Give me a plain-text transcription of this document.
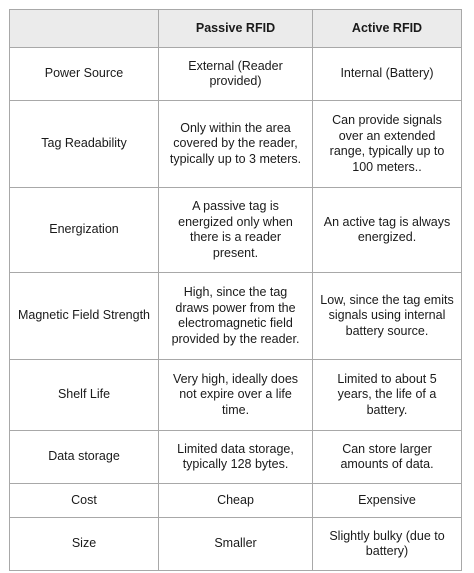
	Passive RFID	Active RFID
Power Source	External (Reader provided)	Internal (Battery)
Tag Readability	Only within the area covered by the reader, typically up to 3 meters.	Can provide signals over an extended range, typically up to 100 meters..
Energization	A passive tag is energized only when there is a reader present.	An active tag is always energized.
Magnetic Field Strength	High, since the tag draws power from the electromagnetic field provided by the reader.	Low, since the tag emits signals using internal battery source.
Shelf Life	Very high, ideally does not expire over a life time.	Limited to about 5 years, the life of a battery.
Data storage	Limited data storage, typically 128 bytes.	Can store larger amounts of data.
Cost	Cheap	Expensive
Size	Smaller	Slightly bulky (due to battery)
